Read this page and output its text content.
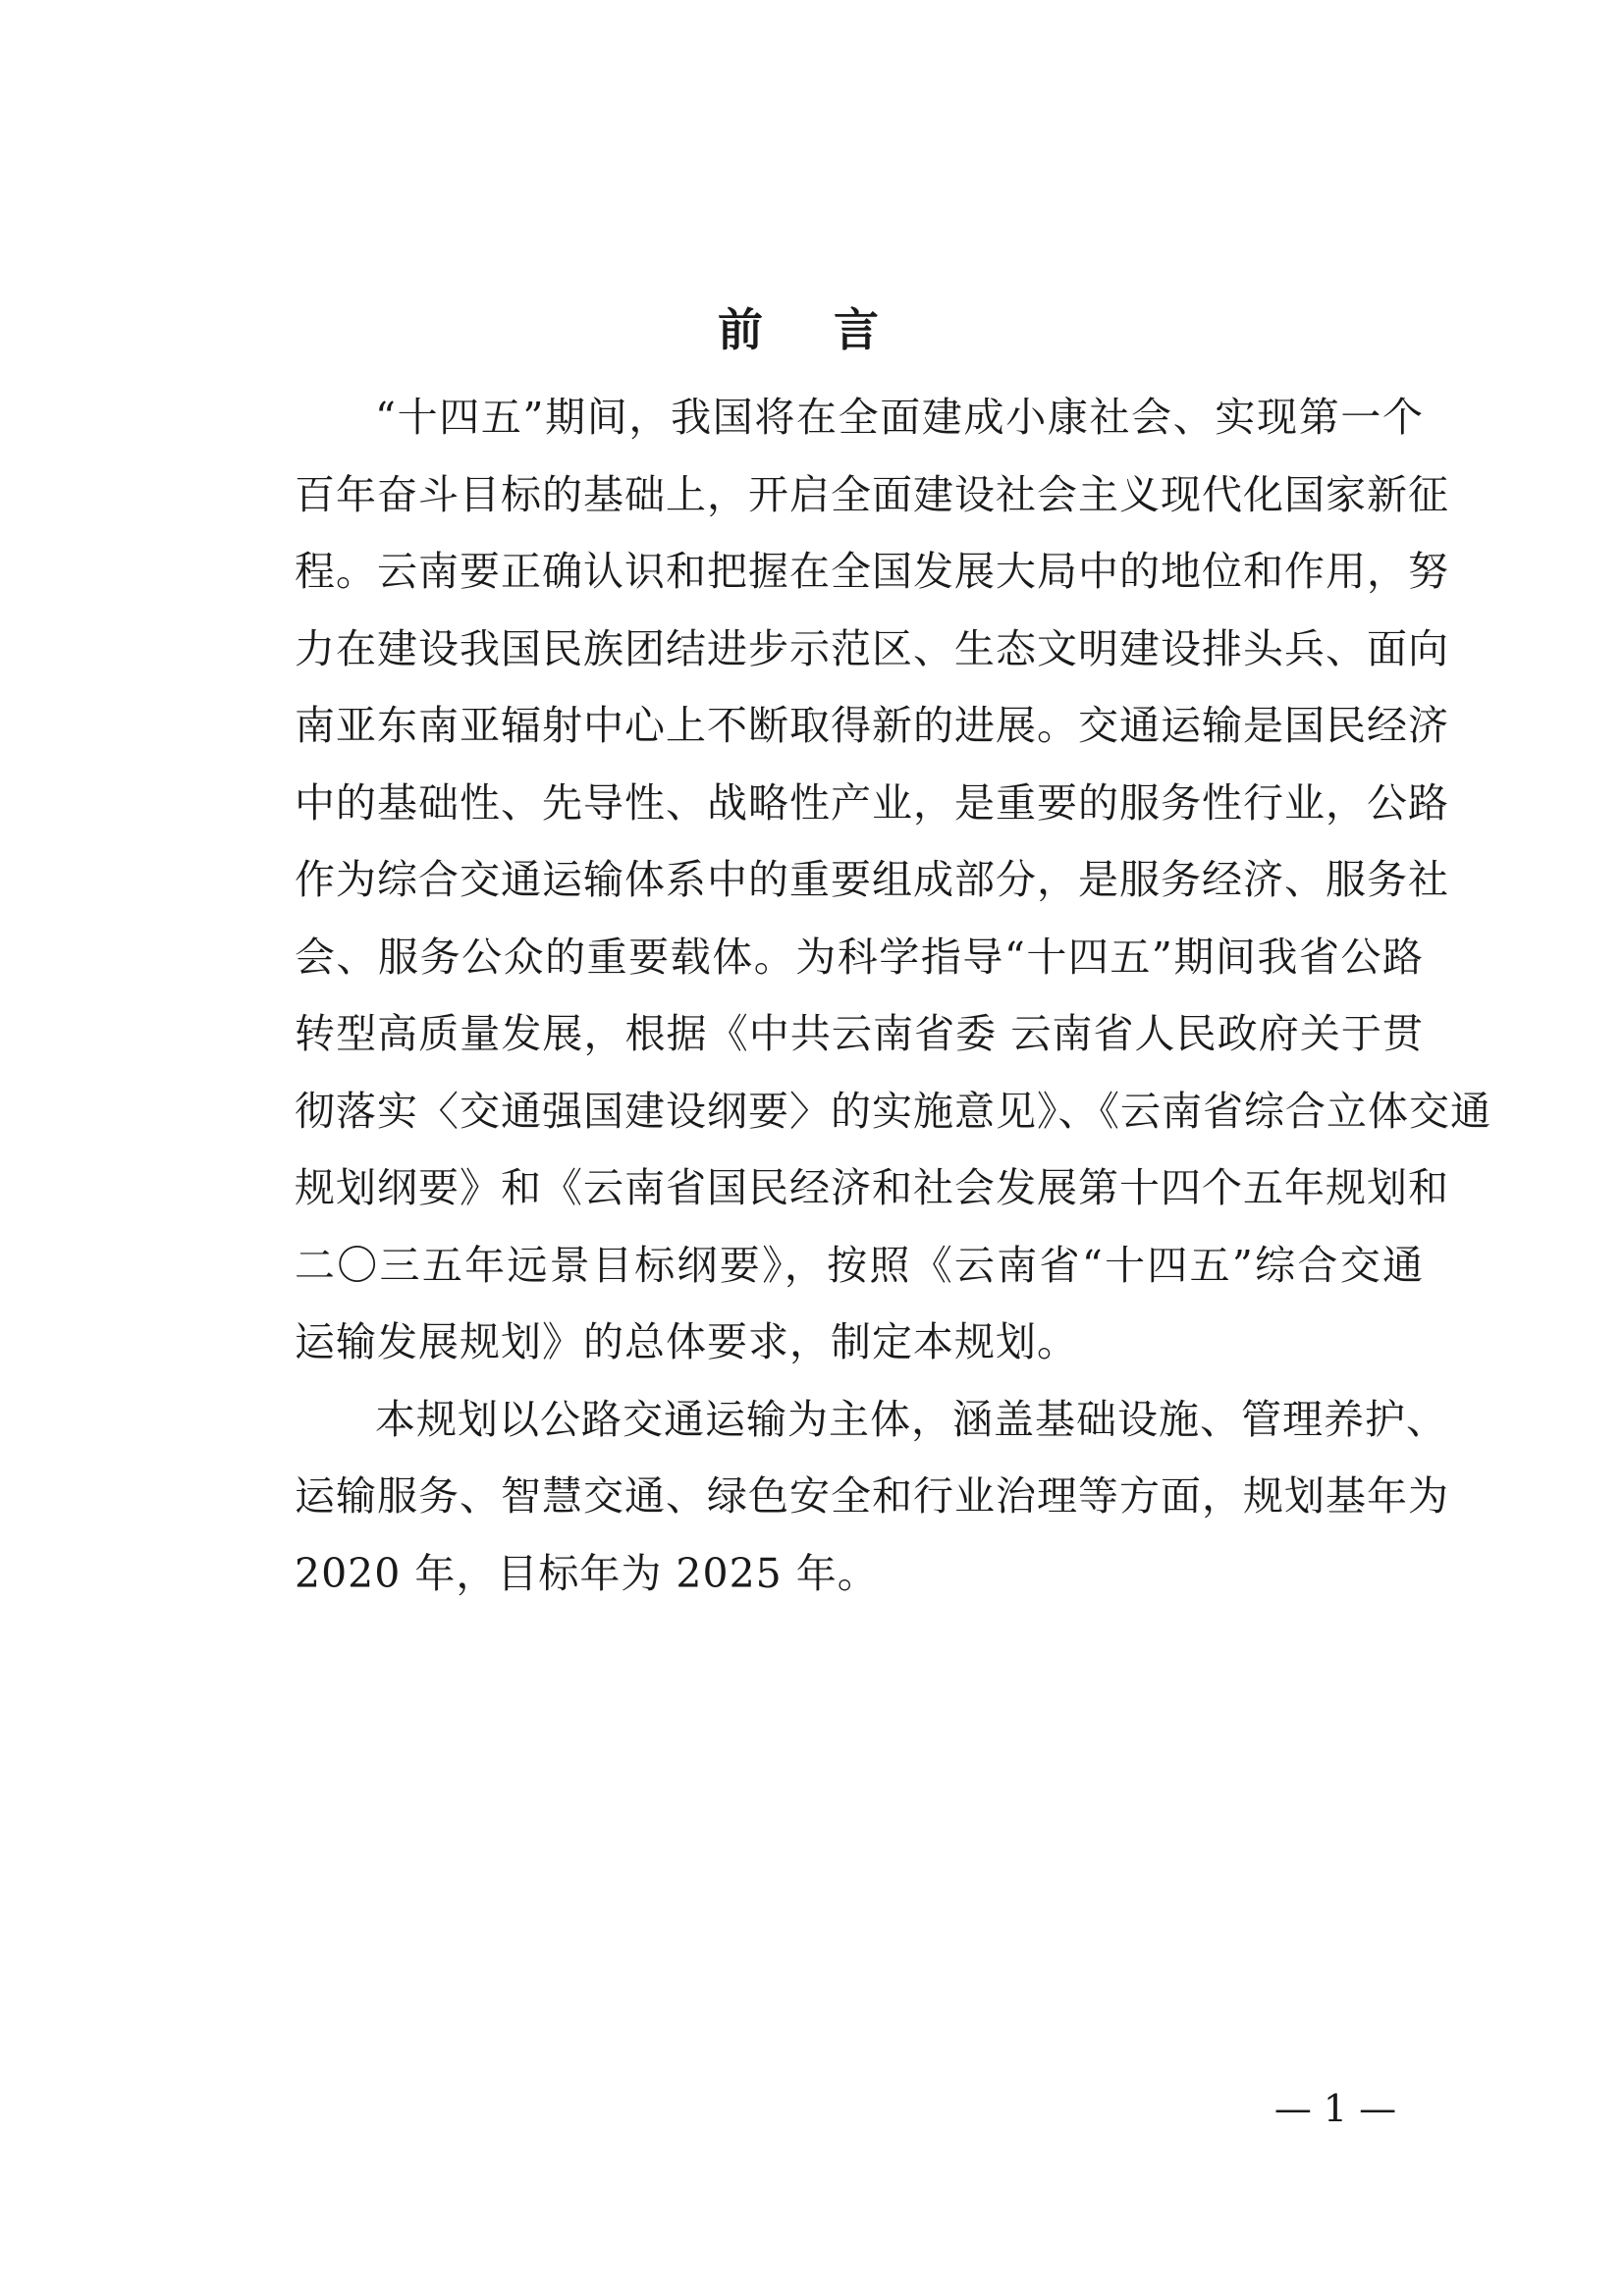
前 言
“十四五”期间，我国将在全面建成小康社会、实现第一个
百年奋斗目标的基础上，开启全面建设社会主义现代化国家新征
程。云南要正确认识和把握在全国发展大局中的地位和作用，努
力在建设我国民族团结进步示范区、生态文明建设排头兵、面向
南亚东南亚辐射中心上不断取得新的进展。交通运输是国民经济
中的基础性、先导性、战略性产业，是重要的服务性行业，公路
作为综合交通运输体系中的重要组成部分，是服务经济、服务社
会、服务公众的重要载体。为科学指导“十四五”期间我省公路
转型高质量发展，根据《中共云南省委 云南省人民政府关于贯
彻落实〈交通强国建设纲要〉的实施意见》、《云南省综合立体交通
规划纲要》和《云南省国民经济和社会发展第十四个五年规划和
二〇三五年远景目标纲要》，按照《云南省“十四五”综合交通
运输发展规划》的总体要求，制定本规划。
本规划以公路交通运输为主体，涵盖基础设施、管理养护、
运输服务、智慧交通、绿色安全和行业治理等方面，规划基年为
2020 年，目标年为 2025 年。
— 1 —
